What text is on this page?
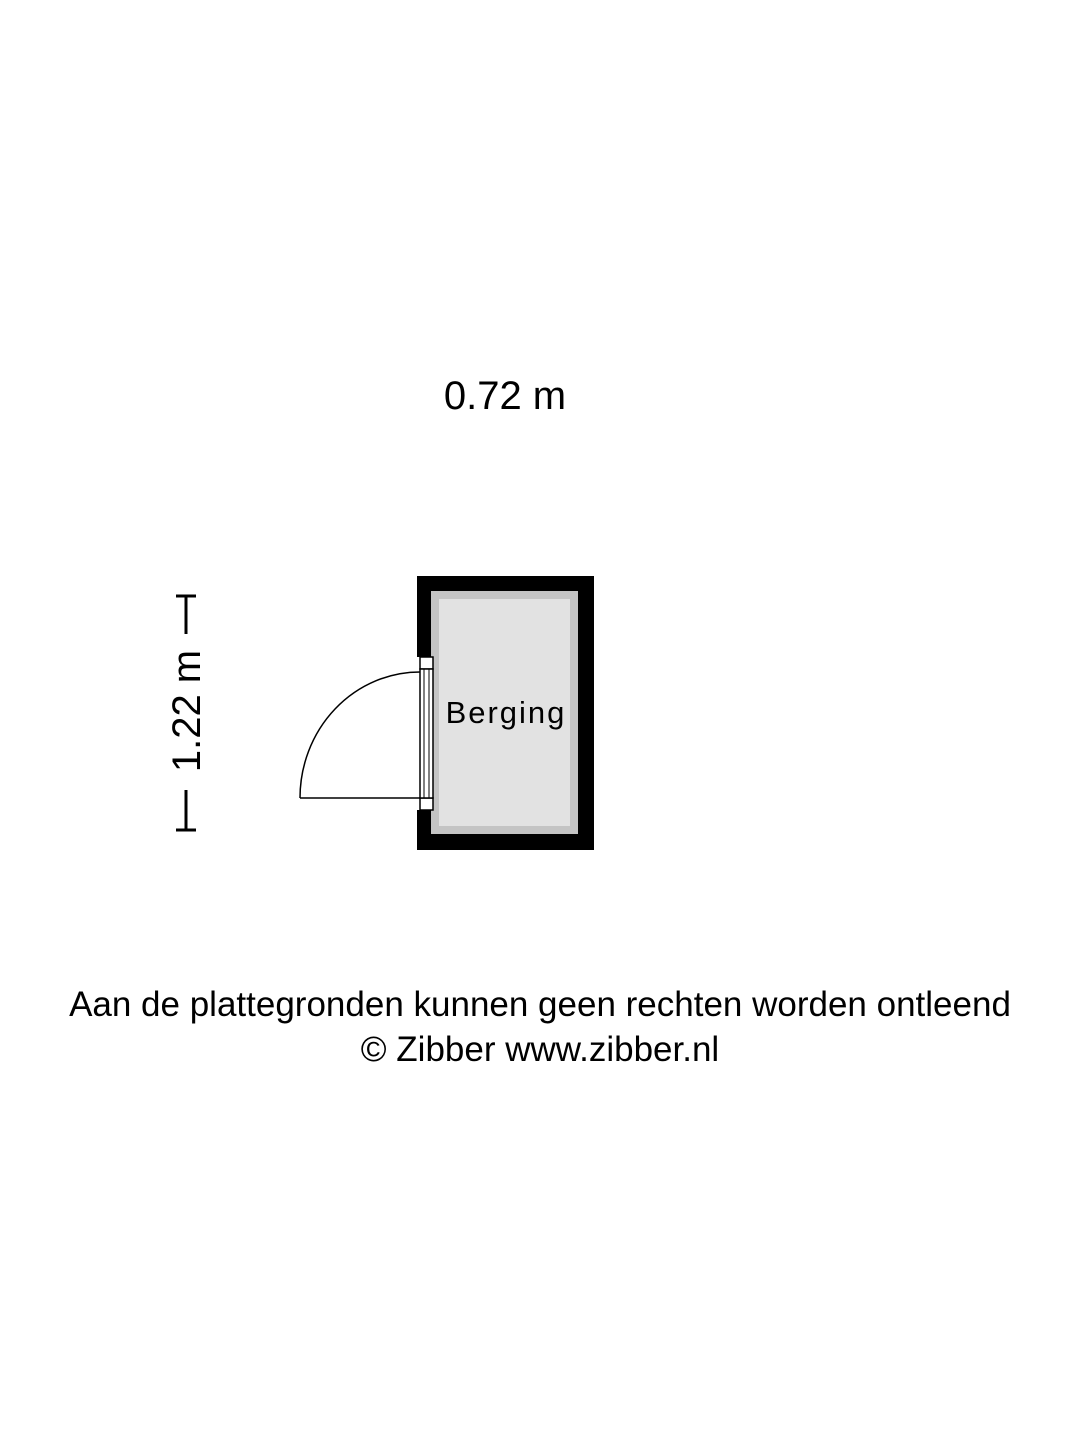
0.72 m
1.22 m	Berging
Aan de plattegronden kunnen geen rechten worden ontleend
© Zibber www.zibber.nl
